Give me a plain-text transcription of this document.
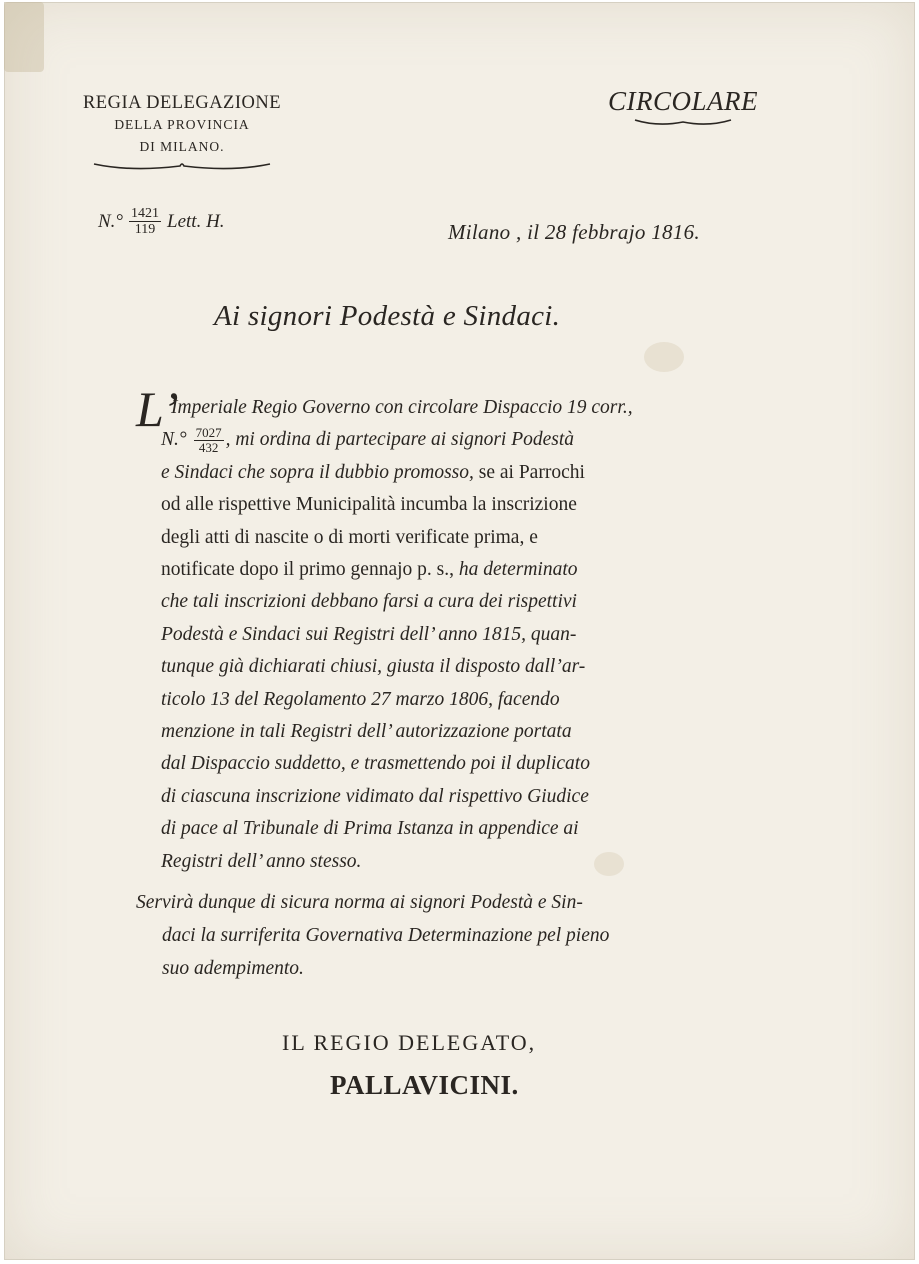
REGIA DELEGAZIONE
DELLA PROVINCIA
DI MILANO.
CIRCOLARE
$N.^\circ \frac{1421}{119}$ Lett. H.	Milano , il 28 febbrajo 1816.
Ai signori Podestà e Sindaci.
L’
Imperiale Regio Governo con circolare Dispaccio 19 corr.,
$N.^\circ \frac{7027}{432}$ , mi ordina di partecipare ai signori Podestà
e Sindaci che sopra il dubbio promosso, se ai Parrochi
od alle rispettive Municipalità incumba la inscrizione
degli atti di nascite o di morti verificate prima, e
notificate dopo il primo gennajo p. s., ha determinato
che tali inscrizioni debbano farsi a cura dei rispettivi
Podestà e Sindaci sui Registri dell’ anno 1815, quan-
tunque già dichiarati chiusi, giusta il disposto dall’ar-
ticolo 13 del Regolamento 27 marzo 1806, facendo
menzione in tali Registri dell’ autorizzazione portata
dal Dispaccio suddetto, e trasmettendo poi il duplicato
di ciascuna inscrizione vidimato dal rispettivo Giudice
di pace al Tribunale di Prima Istanza in appendice ai
Registri dell’ anno stesso.
Servirà dunque di sicura norma ai signori Podestà e Sin-
daci la surriferita Governativa Determinazione pel pieno
suo adempimento.
IL REGIO DELEGATO,
PALLAVICINI.
